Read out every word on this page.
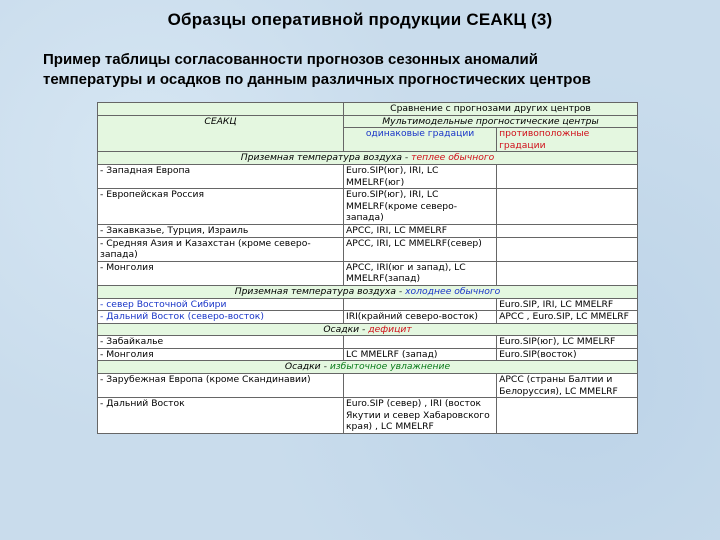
Образцы оперативной продукции СЕАКЦ (3)
Пример таблицы согласованности прогнозов сезонных аномалий
температуры и осадков по данным различных прогностических центров
	Сравнение с прогнозами других центров	
СЕАКЦ	Мультимодельные прогностические центры	
	одинаковые градации	противоположные градации
Приземная температура воздуха - теплее обычного		
- Западная Европа	Euro.SIP(юг), IRI, LC MMELRF(юг)	
- Европейская Россия	Euro.SIP(юг), IRI, LC MMELRF(кроме северо-запада)	
- Закавказье, Турция, Израиль	APCC, IRI, LC MMELRF	
- Средняя Азия и Казахстан (кроме северо-запада)	APCC, IRI, LC MMELRF(север)	
- Монголия	APCC, IRI(юг и запад), LC MMELRF(запад)	
Приземная температура воздуха - холоднее обычного		
- север Восточной Сибири		Euro.SIP, IRI, LC MMELRF
- Дальний Восток (северо-восток)	IRI(крайний северо-восток)	APCC , Euro.SIP, LC MMELRF
Осадки - дефицит		
- Забайкалье		Euro.SIP(юг), LC MMELRF
- Монголия	LC MMELRF (запад)	Euro.SIP(восток)
Осадки - избыточное увлажнение		
- Зарубежная Европа (кроме Скандинавии)		APCC (страны Балтии и Белоруссия), LC MMELRF
- Дальний Восток	Euro.SIP (север) , IRI (восток Якутии и север Хабаровского края) , LC MMELRF	
